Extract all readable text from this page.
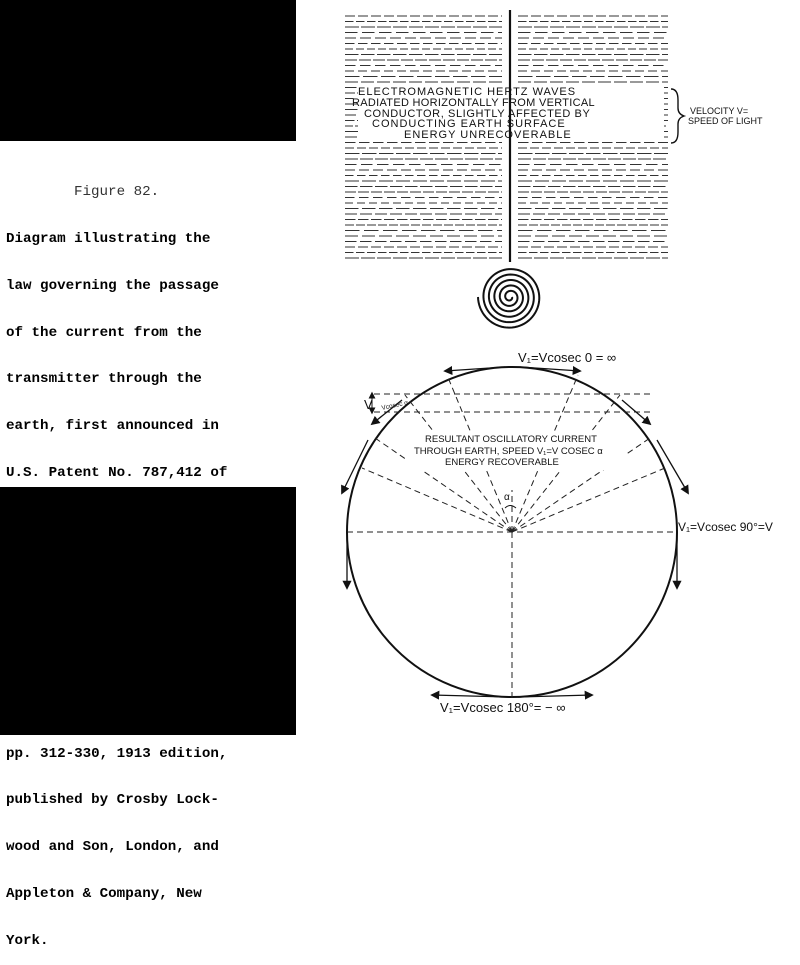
Figure 82.

Diagram illustrating the

law governing the passage

of the current from the

transmitter through the

earth, first announced in

U.S. Patent No. 787,412 of

April 18, 1905.  Applica-

tion filed May 16, 1900.

See also J. Erskine-Murray,

A Handbook of Wireless

Telegraphy, Chapt. 17,

pp. 312-330, 1913 edition,

published by Crosby Lock-

wood and Son, London, and

Appleton & Company, New

York.

ELECTROMAGNETIC HERTZ WAVES
RADIATED HORIZONTALLY FROM VERTICAL
CONDUCTOR, SLIGHTLY AFFECTED BY
CONDUCTING EARTH SURFACE
ENERGY UNRECOVERABLE
VELOCITY V=
SPEED OF LIGHT
α
V Vcosec α
V₁=Vcosec 0 = ∞
V₁=Vcosec 90°=V
V₁=Vcosec 180°= − ∞
RESULTANT OSCILLATORY CURRENT
THROUGH EARTH, SPEED V₁=V COSEC α
ENERGY RECOVERABLE
